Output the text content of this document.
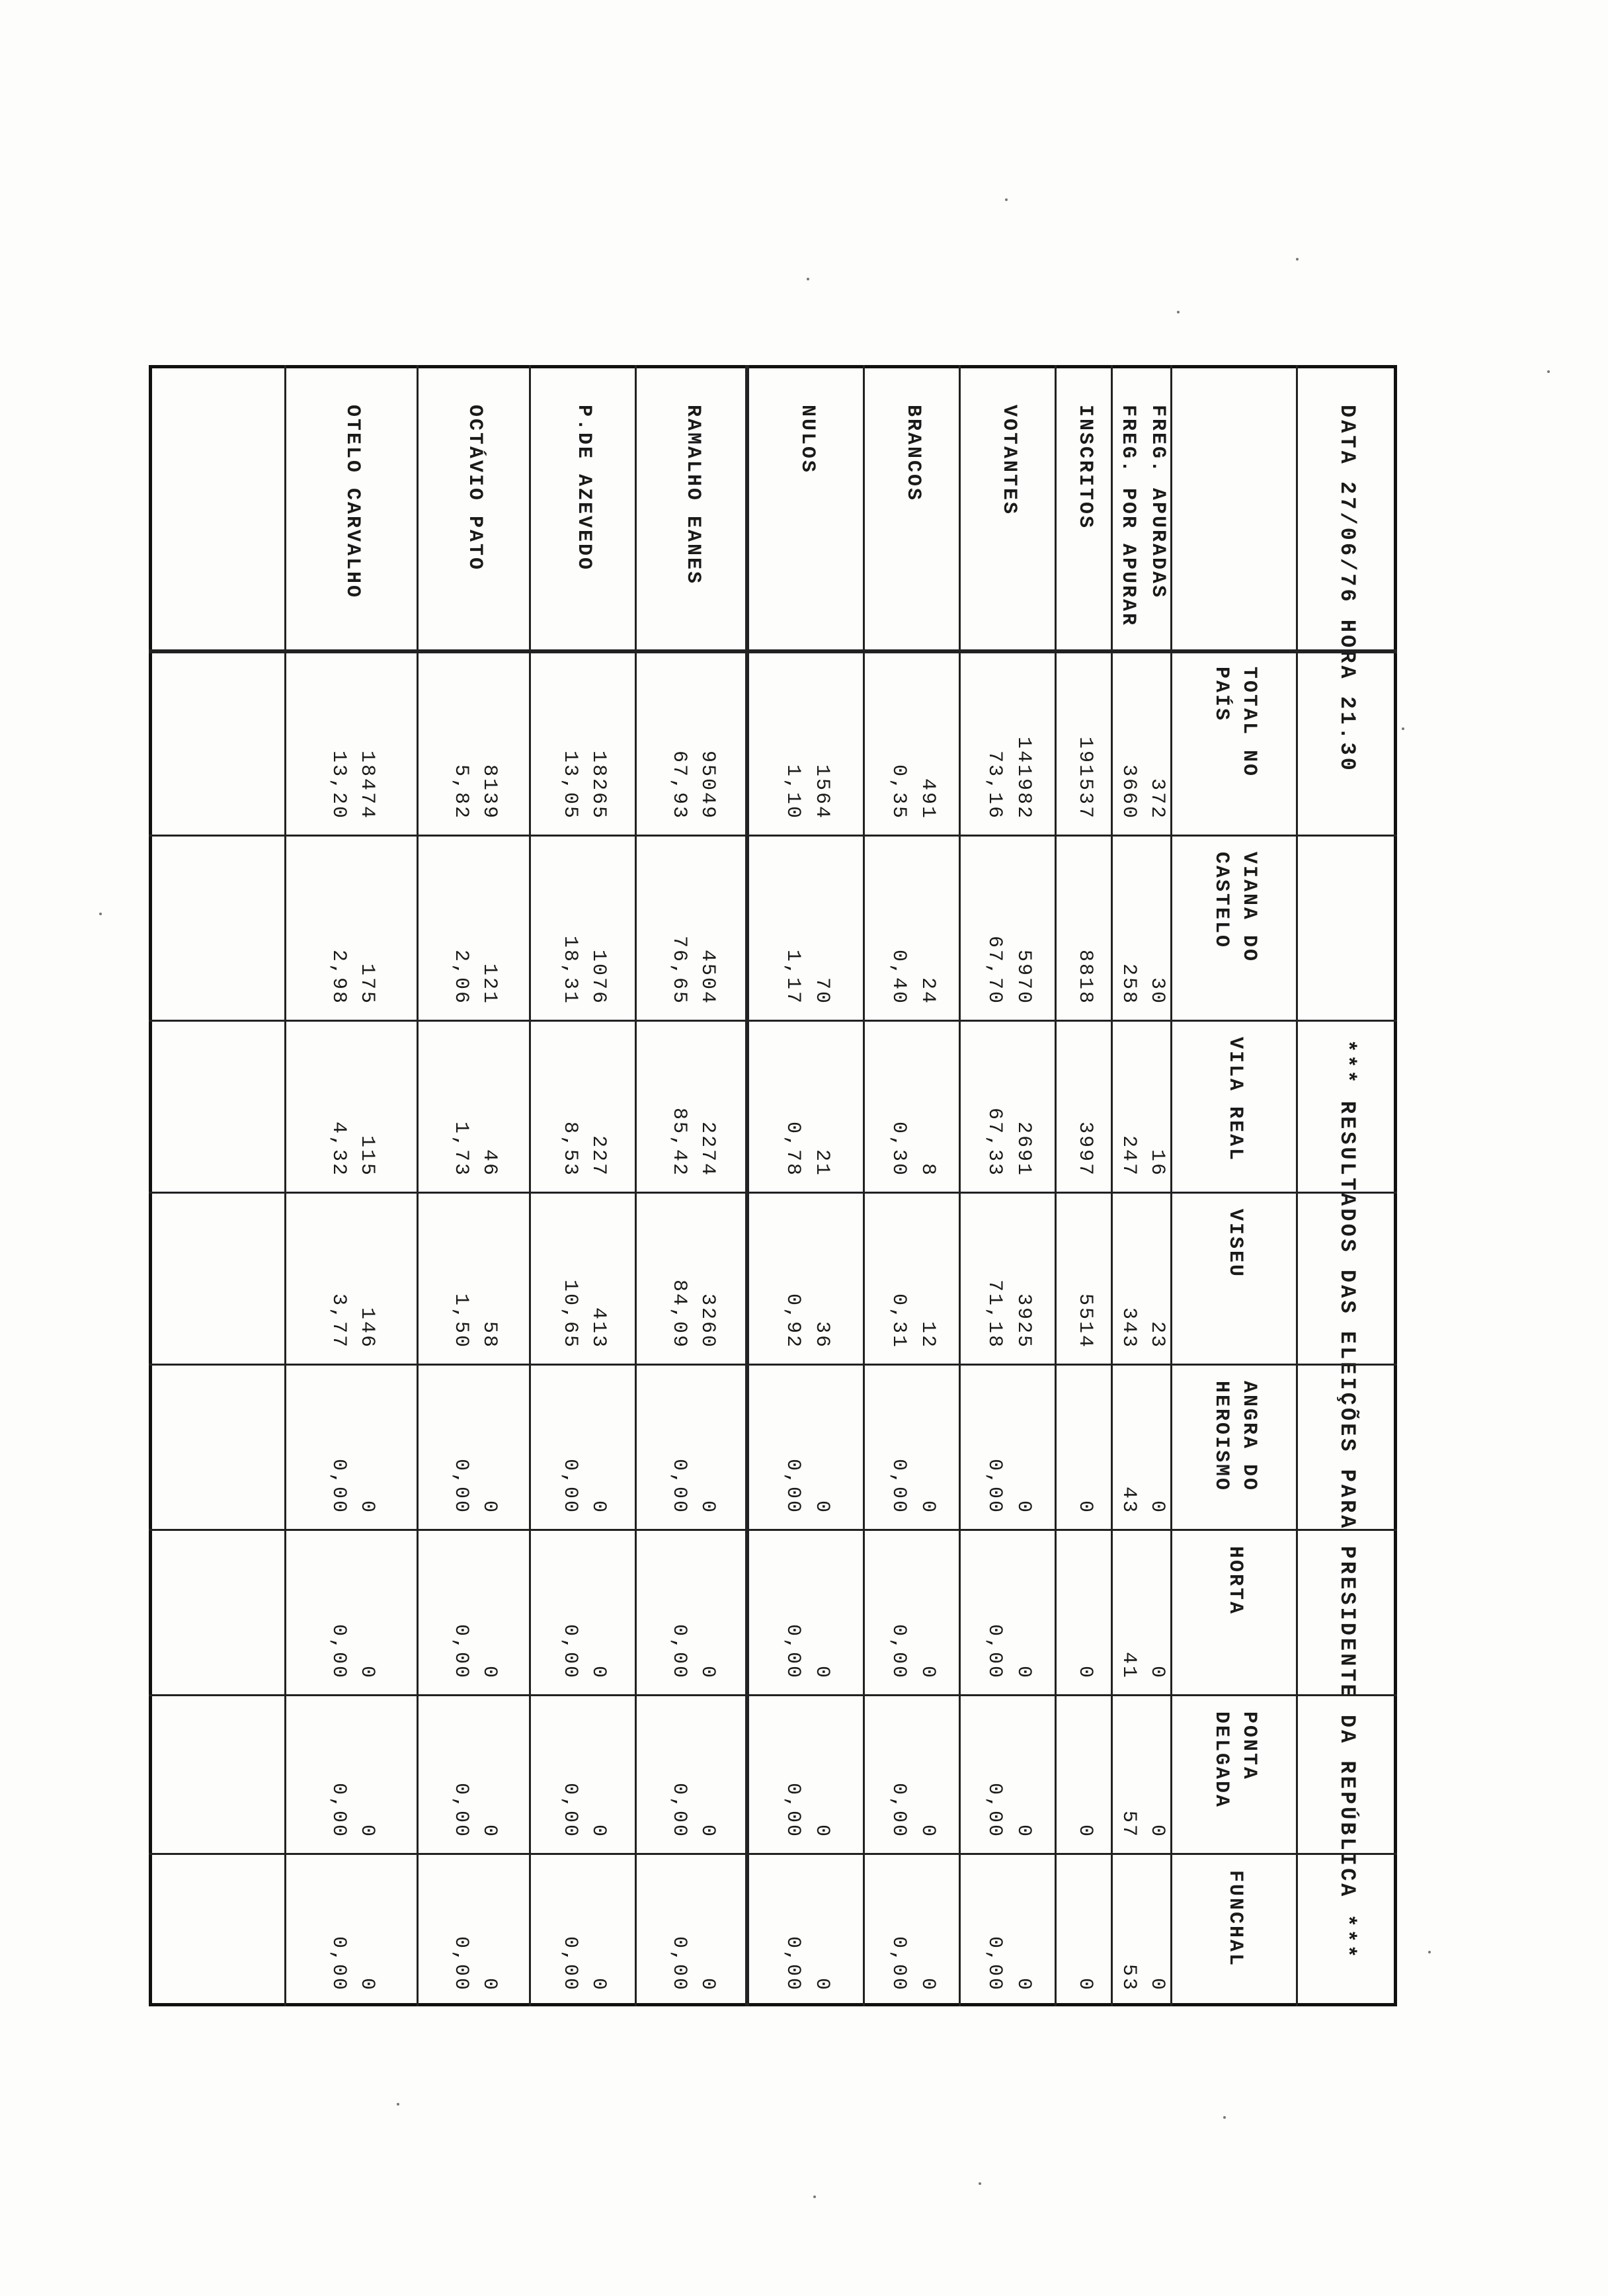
DATA 27/06/76 HORA 21.30
*** RESULTADOS DAS ELEIÇÕES PARA PRESIDENTE DA REPÚBLICA ***
TOTAL NO
PAÍS
VIANA DO
CASTELO
VILA REAL
VISEU
ANGRA DO
HEROISMO
HORTA
PONTA
DELGADA
FUNCHAL
FREG. APURADAS
FREG. POR APURAR
372
3660
30
258
16
247
23
343
0
43
0
41
0
57
0
53
INSCRITOS
191537
8818
3997
5514
0
0
0
0
VOTANTES
141982
73,16
5970
67,70
2691
67,33
3925
71,18
0
0,00
0
0,00
0
0,00
0
0,00
BRANCOS
491
0,35
24
0,40
8
0,30
12
0,31
0
0,00
0
0,00
0
0,00
0
0,00
NULOS
1564
1,10
70
1,17
21
0,78
36
0,92
0
0,00
0
0,00
0
0,00
0
0,00
RAMALHO EANES
95049
67,93
4504
76,65
2274
85,42
3260
84,09
0
0,00
0
0,00
0
0,00
0
0,00
P.DE AZEVEDO
18265
13,05
1076
18,31
227
8,53
413
10,65
0
0,00
0
0,00
0
0,00
0
0,00
OCTÁVIO PATO
8139
5,82
121
2,06
46
1,73
58
1,50
0
0,00
0
0,00
0
0,00
0
0,00
OTELO CARVALHO
18474
13,20
175
2,98
115
4,32
146
3,77
0
0,00
0
0,00
0
0,00
0
0,00
